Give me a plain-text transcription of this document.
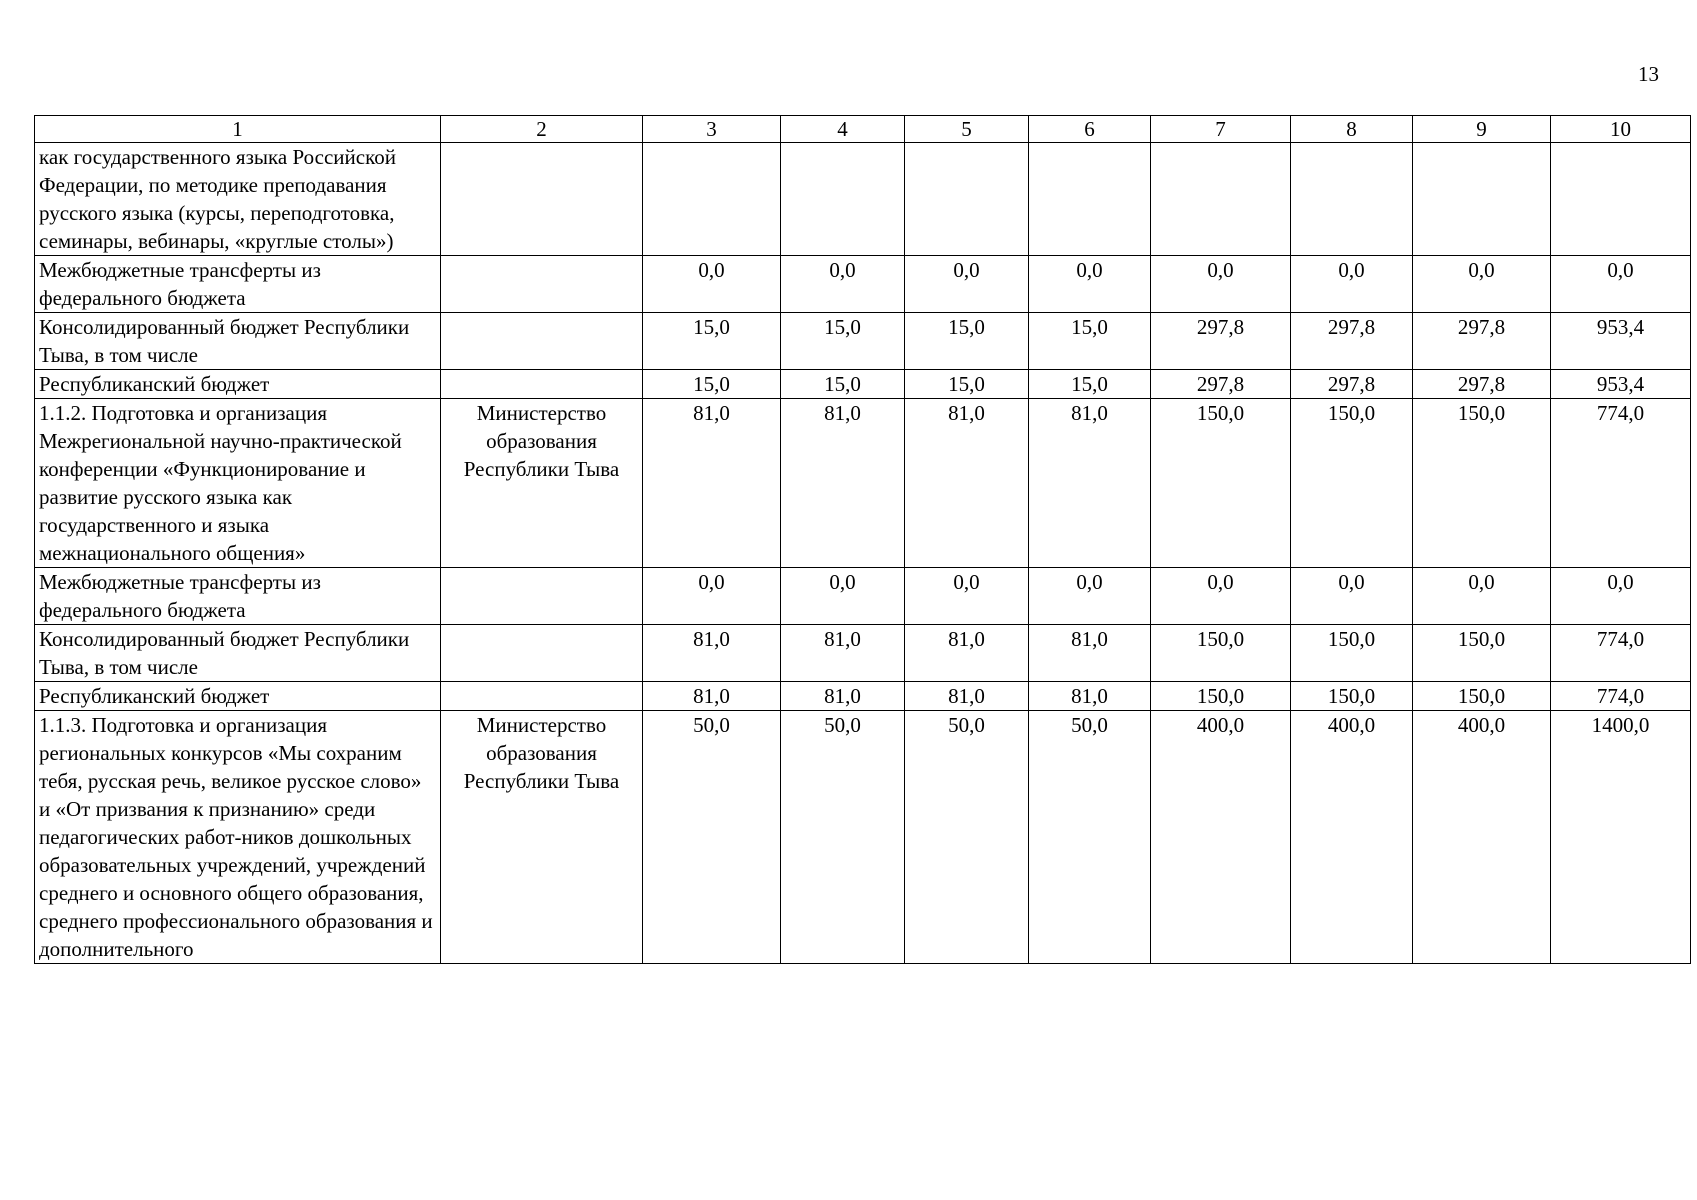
13
1	2	3	4	5	6	7	8	9	10
как государственного языка Российской Федерации, по методике преподавания русского языка (курсы, переподготовка, семинары, вебинары, «круглые столы»)									
Межбюджетные трансферты из федерального бюджета		0,0	0,0	0,0	0,0	0,0	0,0	0,0	0,0
Консолидированный бюджет Республики Тыва, в том числе		15,0	15,0	15,0	15,0	297,8	297,8	297,8	953,4
Республиканский бюджет		15,0	15,0	15,0	15,0	297,8	297,8	297,8	953,4
1.1.2. Подготовка и организация Межрегиональной научно-практической конференции «Функционирование и развитие русского языка как государственного и языка межнационального общения»	Министерство образования Республики Тыва	81,0	81,0	81,0	81,0	150,0	150,0	150,0	774,0
Межбюджетные трансферты из федерального бюджета		0,0	0,0	0,0	0,0	0,0	0,0	0,0	0,0
Консолидированный бюджет Республики Тыва, в том числе		81,0	81,0	81,0	81,0	150,0	150,0	150,0	774,0
Республиканский бюджет		81,0	81,0	81,0	81,0	150,0	150,0	150,0	774,0
1.1.3. Подготовка и организация региональных конкурсов «Мы сохраним тебя, русская речь, великое русское слово» и «От призвания к признанию» среди педагогических работ-ников дошкольных образовательных учреждений, учреждений среднего и основного общего образования, среднего профессионального образования и дополнительного	Министерство образования Республики Тыва	50,0	50,0	50,0	50,0	400,0	400,0	400,0	1400,0
